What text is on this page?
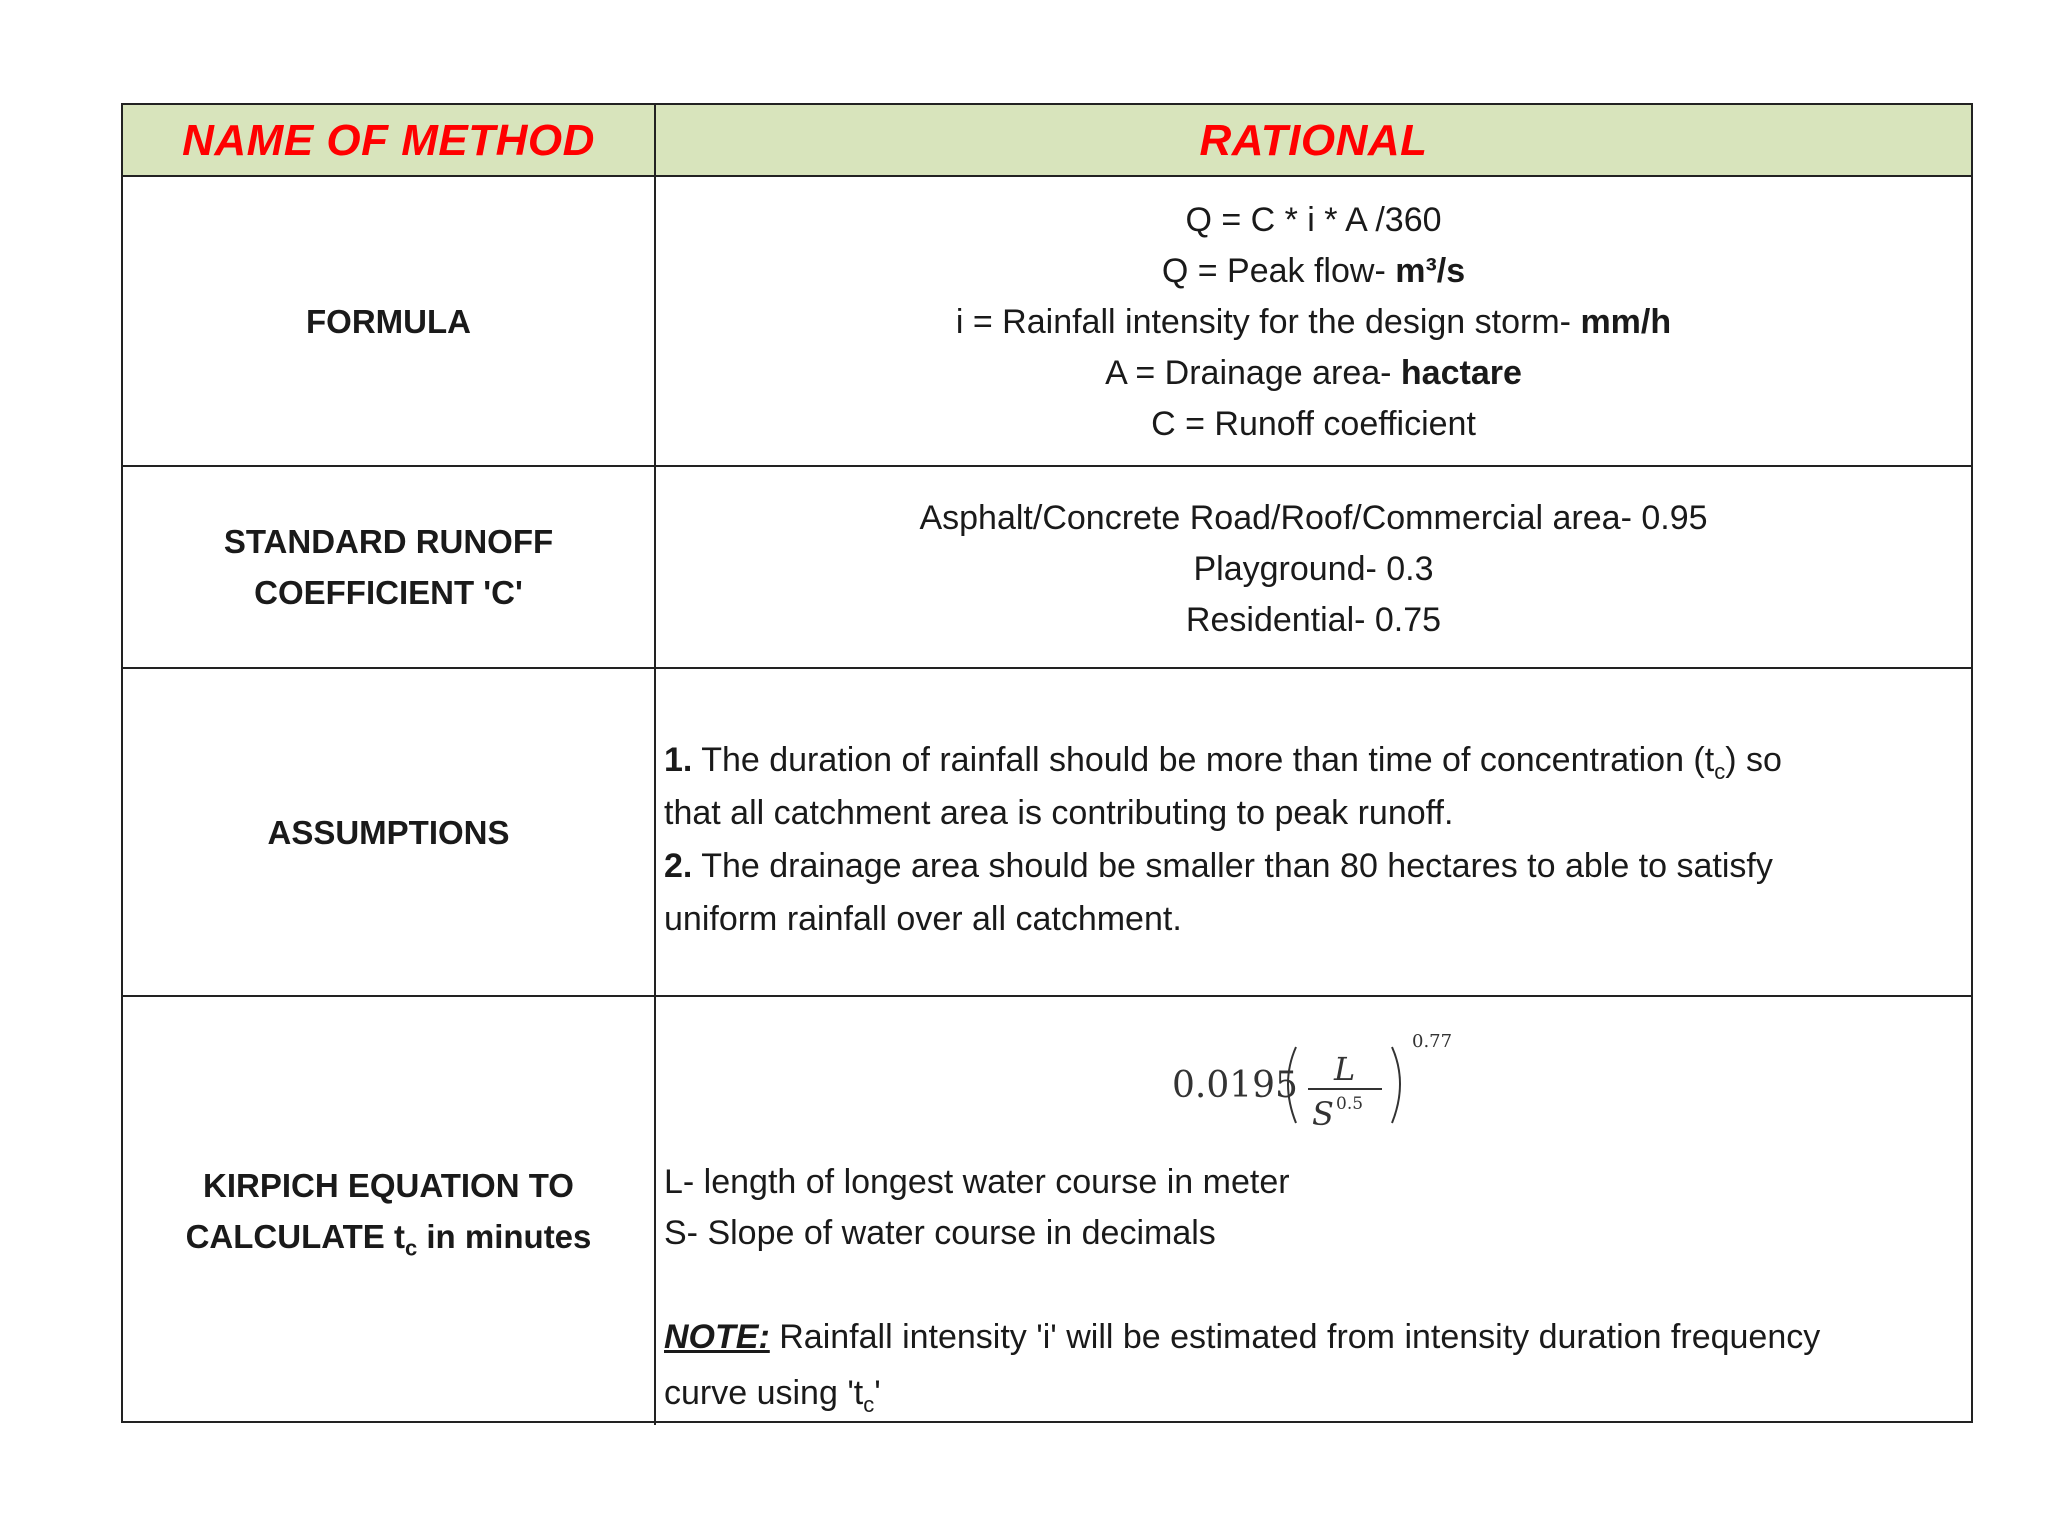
NAME OF METHOD	RATIONAL
FORMULA
Q = C * i * A /360
Q = Peak flow- m³/s
i = Rainfall intensity for the design storm- mm/h
A = Drainage area- hactare
C = Runoff coefficient
STANDARD RUNOFF
COEFFICIENT 'C'
Asphalt/Concrete Road/Roof/Commercial area- 0.95
Playground- 0.3
Residential- 0.75
ASSUMPTIONS
1. The duration of rainfall should be more than time of concentration $(t_c)$ so
that all catchment area is contributing to peak runoff.
2. The drainage area should be smaller than 80 hectares to able to satisfy
uniform rainfall over all catchment.
KIRPICH EQUATION TO
CALCULATE $t_c$ in minutes
0.0195 L
S 0.5
0.77
L- length of longest water course in meter
S- Slope of water course in decimals
NOTE: Rainfall intensity 'i' will be estimated from intensity duration frequency
curve using '$t_c$'
